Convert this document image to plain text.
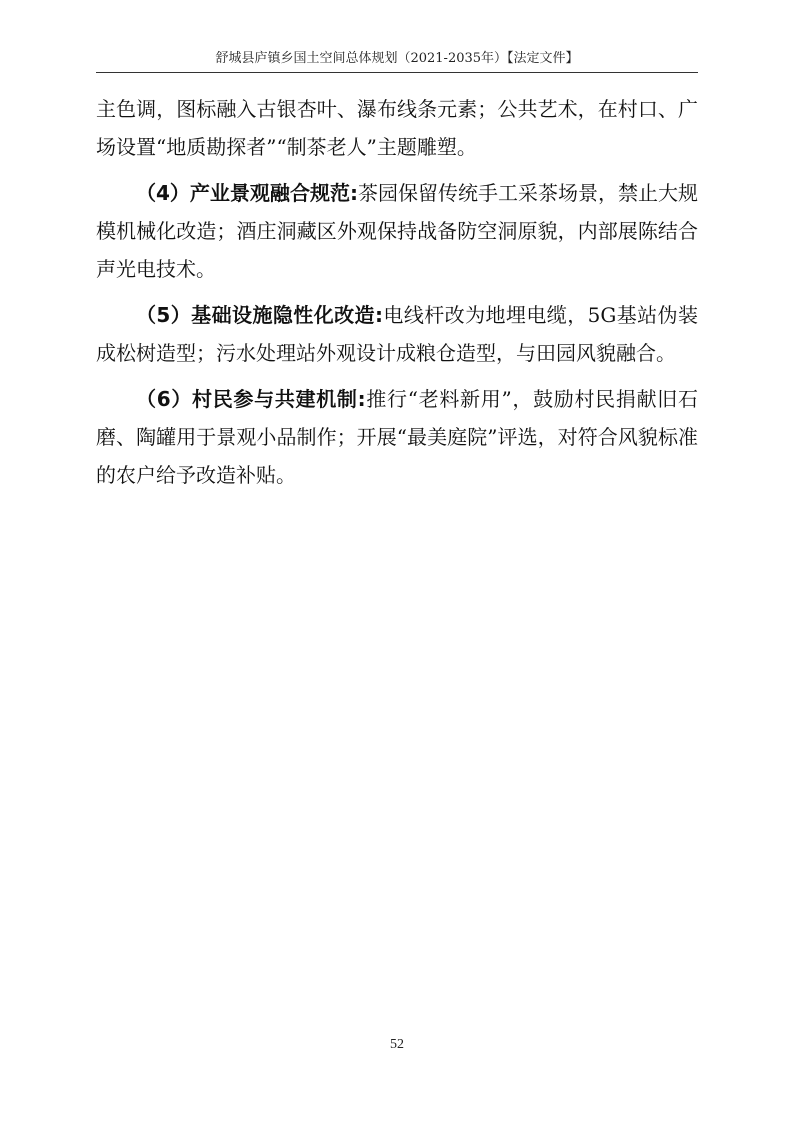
舒城县庐镇乡国土空间总体规划（2021-2035年）【法定文件】

主色调，图标融入古银杏叶、瀑布线条元素；公共艺术，在村口、广场设置“地质勘探者”“制茶老人”主题雕塑。

（4）产业景观融合规范:茶园保留传统手工采茶场景，禁止大规模机械化改造；酒庄洞藏区外观保持战备防空洞原貌，内部展陈结合声光电技术。

（5）基础设施隐性化改造:电线杆改为地埋电缆，5G基站伪装成松树造型；污水处理站外观设计成粮仓造型，与田园风貌融合。

（6）村民参与共建机制:推行“老料新用”，鼓励村民捐献旧石磨、陶罐用于景观小品制作；开展“最美庭院”评选，对符合风貌标准的农户给予改造补贴。

52
